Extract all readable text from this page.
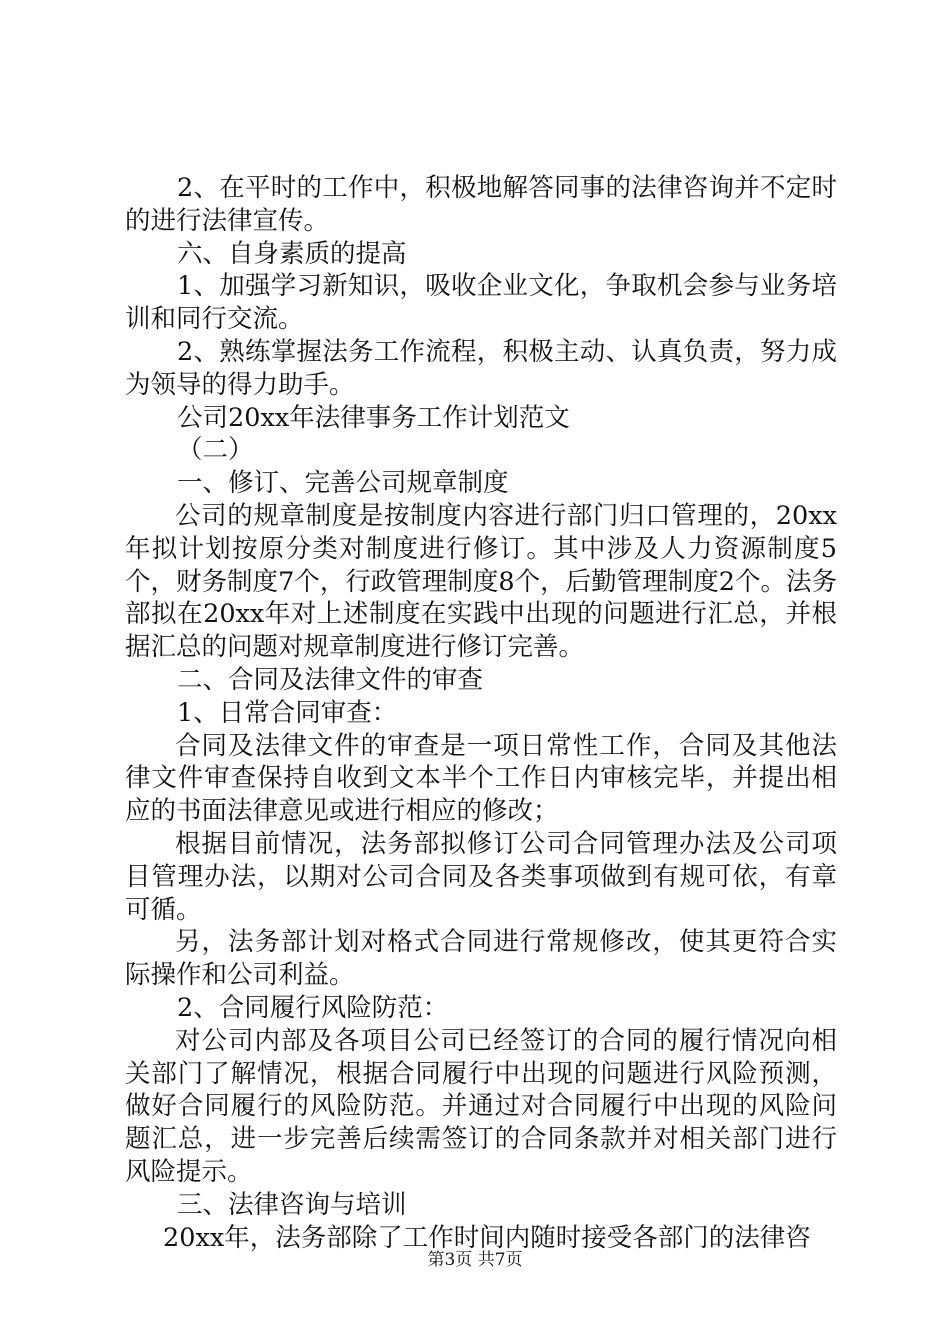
2、在平时的工作中，积极地解答同事的法律咨询并不定时的进行法律宣传。

六、自身素质的提高

1、加强学习新知识，吸收企业文化，争取机会参与业务培训和同行交流。

2、熟练掌握法务工作流程，积极主动、认真负责，努力成为领导的得力助手。

公司20xx年法律事务工作计划范文

（二）

一、修订、完善公司规章制度

公司的规章制度是按制度内容进行部门归口管理的，20xx年拟计划按原分类对制度进行修订。其中涉及人力资源制度5个，财务制度7个，行政管理制度8个，后勤管理制度2个。法务部拟在20xx年对上述制度在实践中出现的问题进行汇总，并根据汇总的问题对规章制度进行修订完善。

二、合同及法律文件的审查

1、日常合同审查：

合同及法律文件的审查是一项日常性工作，合同及其他法律文件审查保持自收到文本半个工作日内审核完毕，并提出相应的书面法律意见或进行相应的修改；

根据目前情况，法务部拟修订公司合同管理办法及公司项目管理办法，以期对公司合同及各类事项做到有规可依，有章可循。

另，法务部计划对格式合同进行常规修改，使其更符合实际操作和公司利益。

2、合同履行风险防范：

对公司内部及各项目公司已经签订的合同的履行情况向相关部门了解情况，根据合同履行中出现的问题进行风险预测，做好合同履行的风险防范。并通过对合同履行中出现的风险问题汇总，进一步完善后续需签订的合同条款并对相关部门进行风险提示。

三、法律咨询与培训

20xx年，法务部除了工作时间内随时接受各部门的法律咨

第3页 共7页
